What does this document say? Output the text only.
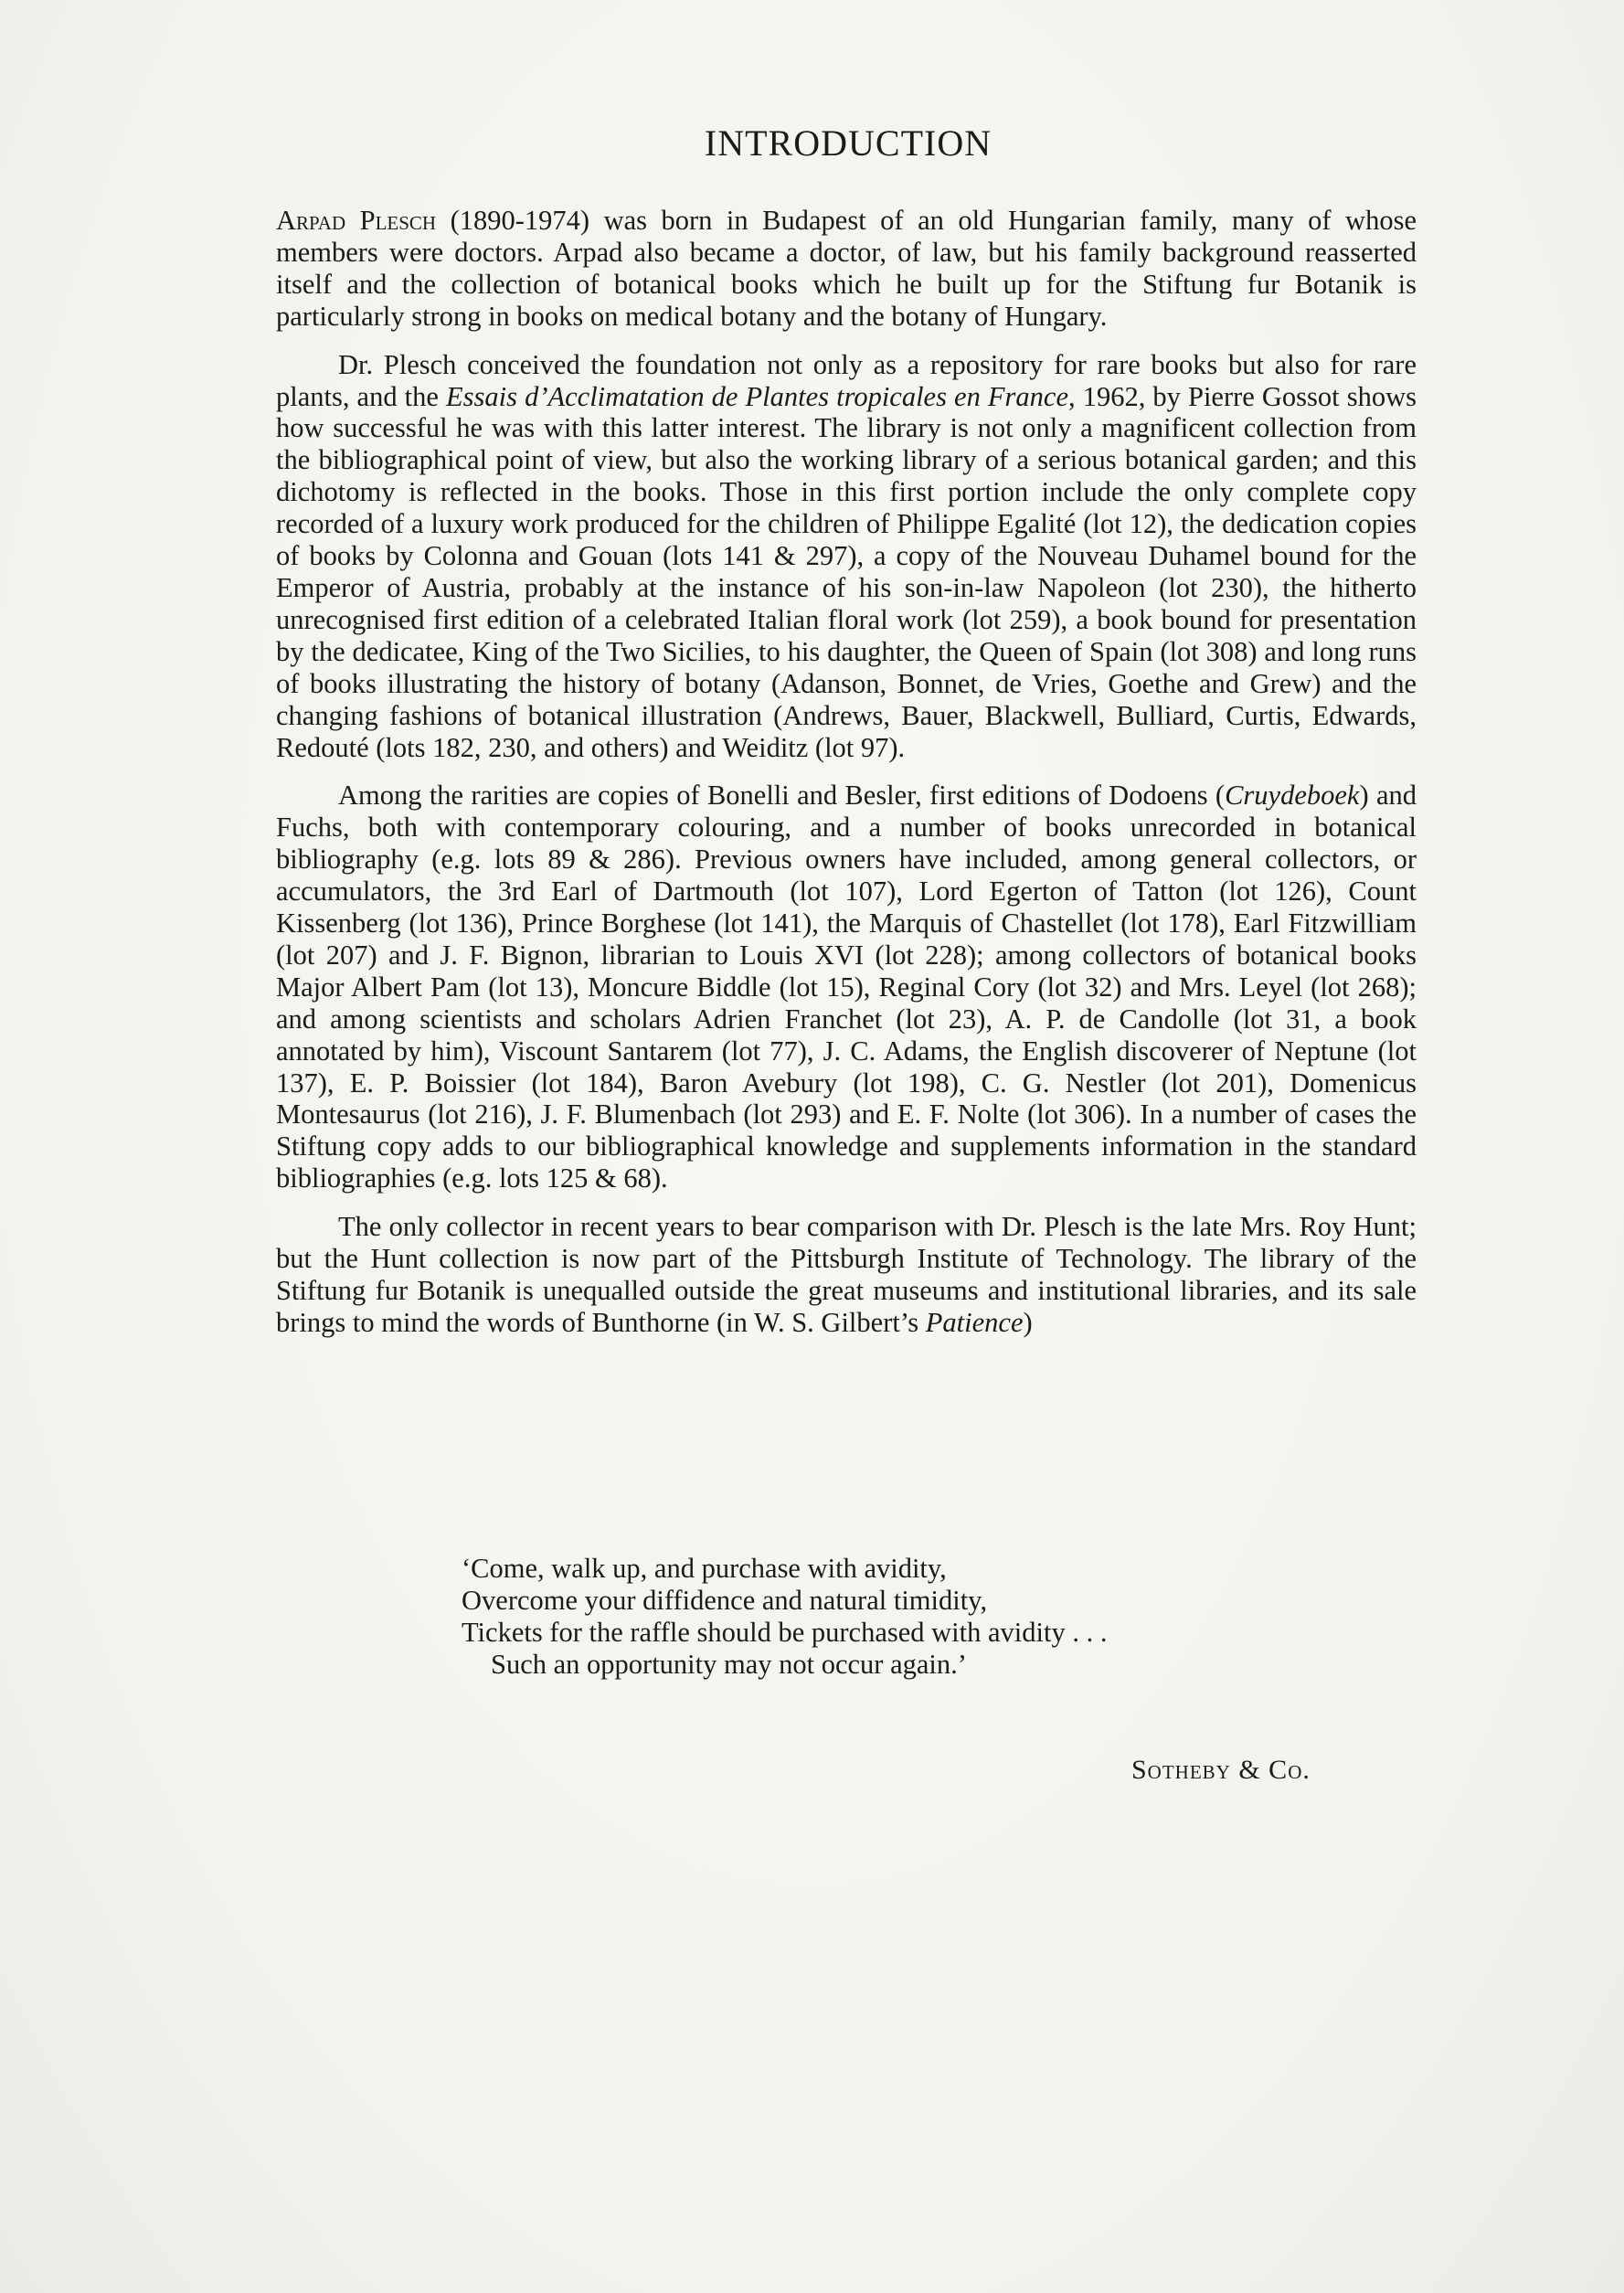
INTRODUCTION

Arpad Plesch (1890-1974) was born in Budapest of an old Hungarian family, many of whose members were doctors. Arpad also became a doctor, of law, but his family background reasserted itself and the collection of botanical books which he built up for the Stiftung fur Botanik is particularly strong in books on medical botany and the botany of Hungary.

Dr. Plesch conceived the foundation not only as a repository for rare books but also for rare plants, and the Essais d’Acclimatation de Plantes tropicales en France, 1962, by Pierre Gossot shows how successful he was with this latter interest. The library is not only a magnificent collection from the bibliographical point of view, but also the working library of a serious botanical garden; and this dichotomy is reflected in the books. Those in this first portion include the only complete copy recorded of a luxury work produced for the children of Philippe Egalité (lot 12), the dedication copies of books by Colonna and Gouan (lots 141 & 297), a copy of the Nouveau Duhamel bound for the Emperor of Austria, probably at the instance of his son-in-law Napoleon (lot 230), the hitherto unrecognised first edition of a celebrated Italian floral work (lot 259), a book bound for presentation by the dedicatee, King of the Two Sicilies, to his daughter, the Queen of Spain (lot 308) and long runs of books illustrating the history of botany (Adanson, Bonnet, de Vries, Goethe and Grew) and the changing fashions of botanical illustration (Andrews, Bauer, Blackwell, Bulliard, Curtis, Edwards, Redouté (lots 182, 230, and others) and Weiditz (lot 97).

Among the rarities are copies of Bonelli and Besler, first editions of Dodoens (Cruydeboek) and Fuchs, both with contemporary colouring, and a number of books unrecorded in botanical bibliography (e.g. lots 89 & 286). Previous owners have included, among general collectors, or accumulators, the 3rd Earl of Dartmouth (lot 107), Lord Egerton of Tatton (lot 126), Count Kissenberg (lot 136), Prince Borghese (lot 141), the Marquis of Chastellet (lot 178), Earl Fitzwilliam (lot 207) and J. F. Bignon, librarian to Louis XVI (lot 228); among collectors of botanical books Major Albert Pam (lot 13), Moncure Biddle (lot 15), Reginal Cory (lot 32) and Mrs. Leyel (lot 268); and among scientists and scholars Adrien Franchet (lot 23), A. P. de Candolle (lot 31, a book annotated by him), Viscount Santarem (lot 77), J. C. Adams, the English discoverer of Neptune (lot 137), E. P. Boissier (lot 184), Baron Avebury (lot 198), C. G. Nestler (lot 201), Domenicus Montesaurus (lot 216), J. F. Blumenbach (lot 293) and E. F. Nolte (lot 306). In a number of cases the Stiftung copy adds to our bibliographical knowledge and supplements information in the standard bibliographies (e.g. lots 125 & 68).

The only collector in recent years to bear comparison with Dr. Plesch is the late Mrs. Roy Hunt; but the Hunt collection is now part of the Pittsburgh Institute of Technology. The library of the Stiftung fur Botanik is unequalled outside the great museums and institutional libraries, and its sale brings to mind the words of Bunthorne (in W. S. Gilbert’s Patience)

‘Come, walk up, and purchase with avidity,
Overcome your diffidence and natural timidity,
Tickets for the raffle should be purchased with avidity . . .
Such an opportunity may not occur again.’
Sotheby & Co.
